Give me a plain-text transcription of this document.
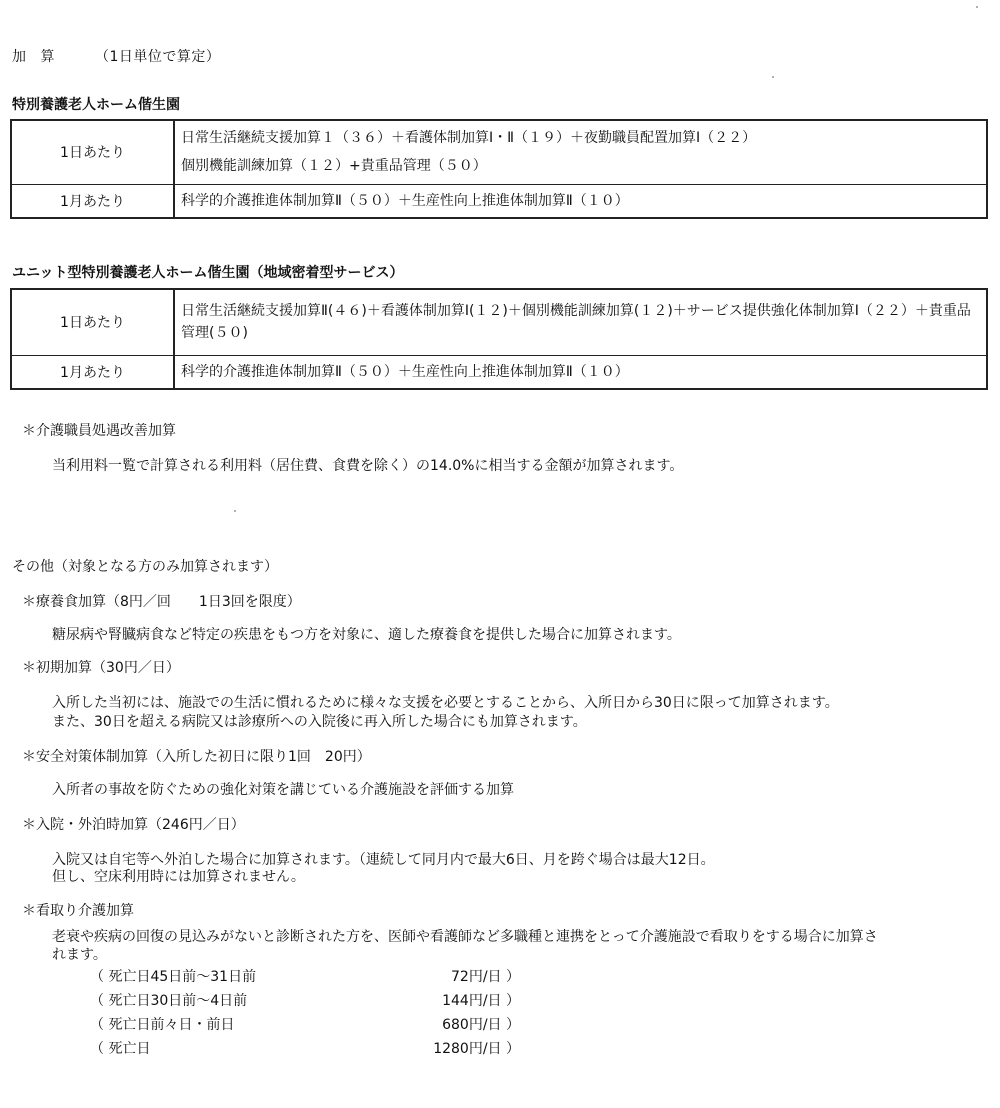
加 算	（1日単位で算定）
特別養護老人ホーム偕生園
1日あたり	日常生活継続支援加算１（３６）＋看護体制加算Ⅰ・Ⅱ（１９）＋夜勤職員配置加算Ⅰ（２２）
個別機能訓練加算（１２）+貴重品管理（５０）

1月あたり	科学的介護推進体制加算Ⅱ（５０）＋生産性向上推進体制加算Ⅱ（１０）
ユニット型特別養護老人ホーム偕生園（地域密着型サービス）
1日あたり	日常生活継続支援加算Ⅱ(４６)＋看護体制加算Ⅰ(１２)＋個別機能訓練加算(１２)＋サービス提供強化体制加算Ⅰ（２２）＋貴重品管理(５０)
1月あたり	科学的介護推進体制加算Ⅱ（５０）＋生産性向上推進体制加算Ⅱ（１０）
＊介護職員処遇改善加算
当利用料一覧で計算される利用料（居住費、食費を除く）の14.0%に相当する金額が加算されます。
その他（対象となる方のみ加算されます）
＊療養食加算（8円／回　　1日3回を限度）
糖尿病や腎臓病食など特定の疾患をもつ方を対象に、適した療養食を提供した場合に加算されます。
＊初期加算（30円／日）
入所した当初には、施設での生活に慣れるために様々な支援を必要とすることから、入所日から30日に限って加算されます。
また、30日を超える病院又は診療所への入院後に再入所した場合にも加算されます。
＊安全対策体制加算（入所した初日に限り1回　20円）
入所者の事故を防ぐための強化対策を講じている介護施設を評価する加算
＊入院・外泊時加算（246円／日）
入院又は自宅等へ外泊した場合に加算されます。（連続して同月内で最大6日、月を跨ぐ場合は最大12日。
但し、空床利用時には加算されません。
＊看取り介護加算
老衰や疾病の回復の見込みがないと診断された方を、医師や看護師など多職種と連携をとって介護施設で看取りをする場合に加算さ
れます。
（ 死亡日45日前～31日前	72円/日 ）
（ 死亡日30日前～4日前	144円/日 ）
（ 死亡日前々日・前日	680円/日 ）
（ 死亡日	1280円/日 ）
